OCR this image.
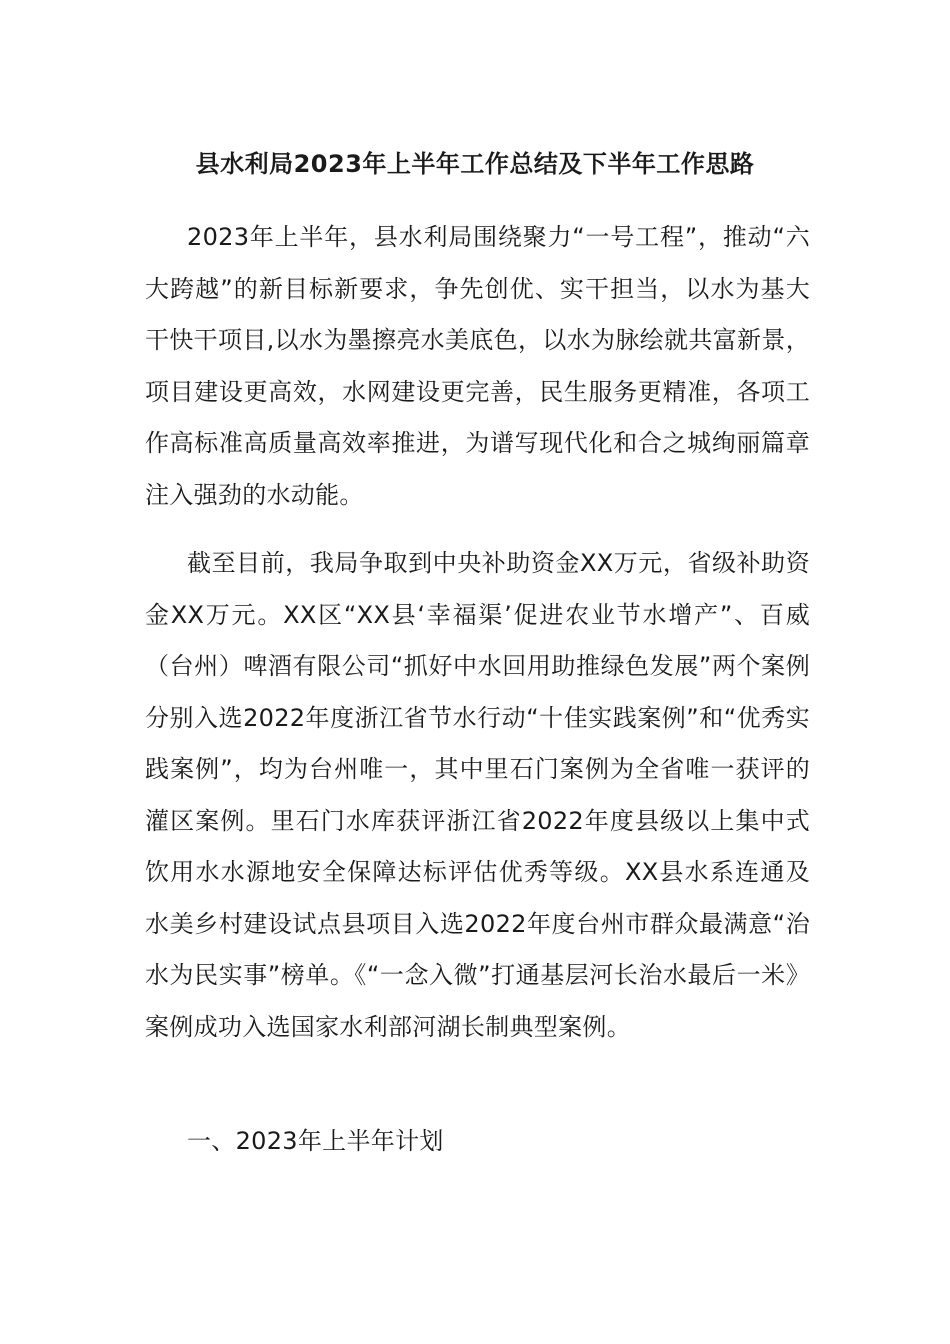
县水利局2023年上半年工作总结及下半年工作思路

2023年上半年，县水利局围绕聚力“一号工程”，推动“六大跨越”的新目标新要求，争先创优、实干担当，以水为基大干快干项目,以水为墨擦亮水美底色，以水为脉绘就共富新景，项目建设更高效，水网建设更完善，民生服务更精准，各项工作高标准高质量高效率推进，为谱写现代化和合之城绚丽篇章注入强劲的水动能。

截至目前，我局争取到中央补助资金XX万元，省级补助资金XX万元。XX区“XX县‘幸福渠’促进农业节水增产”、百威（台州）啤酒有限公司“抓好中水回用助推绿色发展”两个案例分别入选2022年度浙江省节水行动“十佳实践案例”和“优秀实践案例”，均为台州唯一，其中里石门案例为全省唯一获评的灌区案例。里石门水库获评浙江省2022年度县级以上集中式饮用水水源地安全保障达标评估优秀等级。XX县水系连通及水美乡村建设试点县项目入选2022年度台州市群众最满意“治水为民实事”榜单。《“一念入微”打通基层河长治水最后一米》案例成功入选国家水利部河湖长制典型案例。

一、2023年上半年计划
